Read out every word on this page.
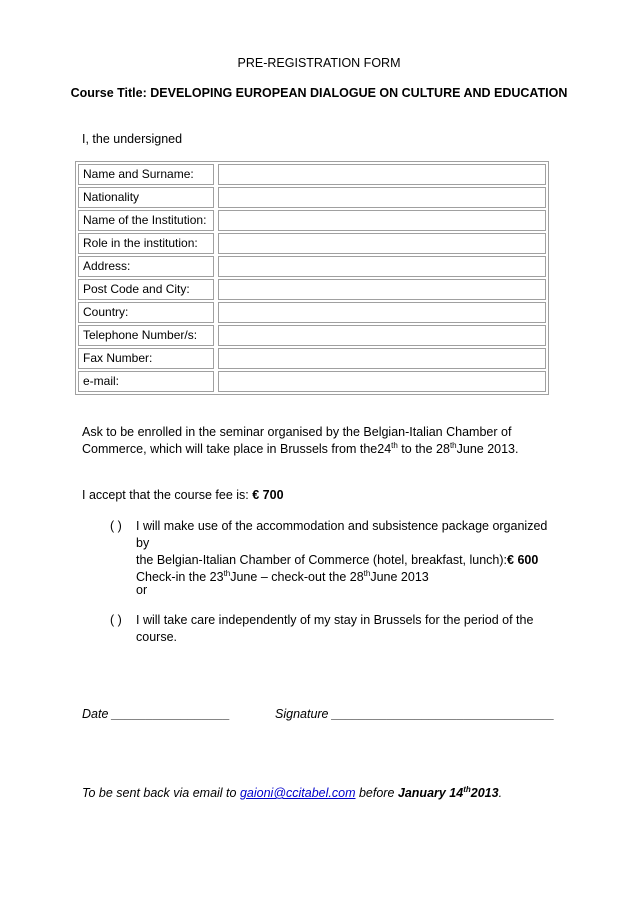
PRE-REGISTRATION FORM
Course Title: DEVELOPING EUROPEAN DIALOGUE ON CULTURE AND EDUCATION
I, the undersigned
Name and Surname:
Nationality
Name of the Institution:
Role in the institution:
Address:
Post Code and City:
Country:
Telephone Number/s:
Fax Number:
e-mail:
Ask to be enrolled in the seminar organised by the Belgian-Italian Chamber of
Commerce, which will take place in Brussels from the24th to the 28thJune 2013.
I accept that the course fee is: € 700
( ) I will make use of the accommodation and subsistence package organized by
the Belgian-Italian Chamber of Commerce (hotel, breakfast, lunch):€ 600
Check-in the 23thJune – check-out the 28thJune 2013
or
( ) I will take care independently of my stay in Brussels for the period of the
course.
Date _________________	Signature ________________________________
To be sent back via email to gaioni@ccitabel.com before January 14th2013.
